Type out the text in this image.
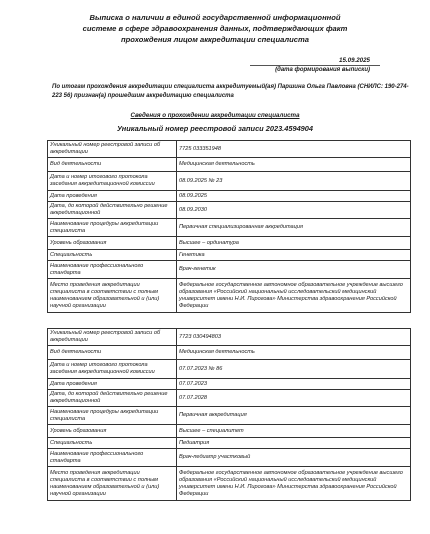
Выписка о наличии в единой государственной информационной
системе в сфере здравоохранения данных, подтверждающих факт
прохождения лицом аккредитации специалиста
15.09.2025
(дата формирования выписки)
По итогам прохождения аккредитации специалиста аккредитуемый(ая) Паршина Ольга Павловна (СНИЛС: 190-274-223 56) признан(а) прошедшим аккредитацию специалиста
Сведения о прохождении аккредитации специалиста
Уникальный номер реестровой записи 2023.4594904
Уникальный номер реестровой записи об аккредитации	7725 033351948
Вид деятельности	Медицинская деятельность
Дата и номер итогового протокола заседания аккредитационной комиссии	08.09.2025 № 23
Дата проведения	08.09.2025
Дата, до которой действительно решение аккредитационной	08.09.2030
Наименование процедуры аккредитации специалиста	Первичная специализированная аккредитация
Уровень образования	Высшее – ординатура
Специальность	Генетика
Наименование профессионального стандарта	Врач-генетик
Место проведения аккредитации специалиста в соответствии с полным наименованием образовательной и (или) научной организации	Федеральное государственное автономное образовательное учреждение высшего образования «Российский национальный исследовательский медицинский университет имени Н.И. Пирогова» Министерства здравоохранения Российской Федерации
Уникальный номер реестровой записи об аккредитации	7723 030494803
Вид деятельности	Медицинская деятельность
Дата и номер итогового протокола заседания аккредитационной комиссии	07.07.2023 № 86
Дата проведения	07.07.2023
Дата, до которой действительно решение аккредитационной	07.07.2028
Наименование процедуры аккредитации специалиста	Первичная аккредитация
Уровень образования	Высшее – специалитет
Специальность	Педиатрия
Наименование профессионального стандарта	Врач-педиатр участковый
Место проведения аккредитации специалиста в соответствии с полным наименованием образовательной и (или) научной организации	Федеральное государственное автономное образовательное учреждение высшего образования «Российский национальный исследовательский медицинский университет имени Н.И. Пирогова» Министерства здравоохранения Российской Федерации
